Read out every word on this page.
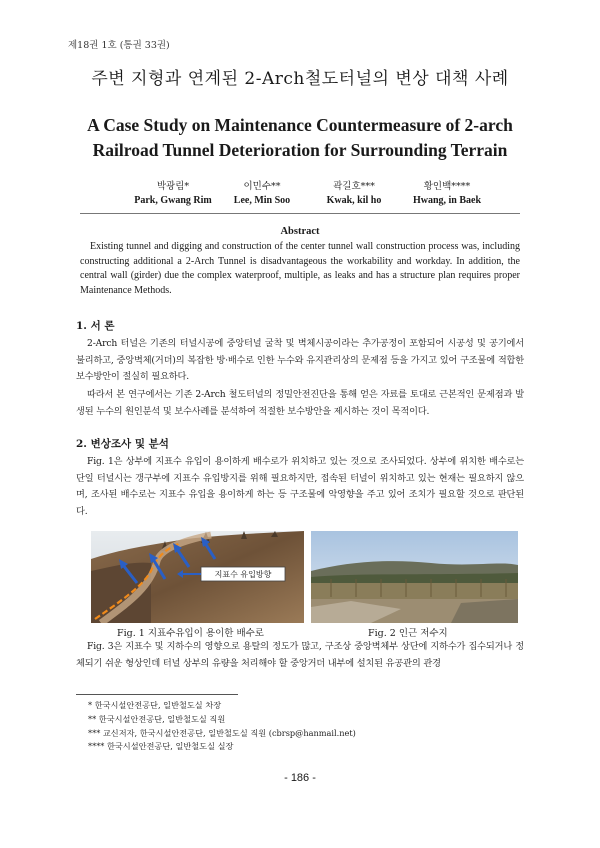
제18권 1호 (통권 33권)
주변 지형과 연계된 2-Arch철도터널의 변상 대책 사례
A Case Study on Maintenance Countermeasure of 2-arch
Railroad Tunnel Deterioration for Surrounding Terrain
박광림*
Park, Gwang Rim
이민수**
Lee, Min Soo
곽길호***
Kwak, kil ho
황인백****
Hwang, in Baek
Abstract
Existing tunnel and digging and construction of the center tunnel wall construction process was, including constructing additional a 2-Arch Tunnel is disadvantageous the workability and workday. In addition, the central wall (girder) due the complex waterproof, multiple, as leaks and has a structure plan requires proper Maintenance Methods.
1. 서 론
2-Arch 터널은 기존의 터널시공에 중앙터널 굴착 및 벽체시공이라는 추가공정이 포함되어 시공성 및 공기에서 불리하고, 중앙벽체(거더)의 복잡한 방·배수로 인한 누수와 유지관리상의 문제점 등을 가지고 있어 구조물에 적합한 보수방안이 절실히 필요하다.
따라서 본 연구에서는 기존 2-Arch 철도터널의 정밀안전진단을 통해 얻은 자료를 토대로 근본적인 문제점과 발생된 누수의 원인분석 및 보수사례를 분석하여 적절한 보수방안을 제시하는 것이 목적이다.
2. 변상조사 및 분석
Fig. 1은 상부에 지표수 유입이 용이하게 배수로가 위치하고 있는 것으로 조사되었다. 상부에 위치한 배수로는 단일 터널시는 갱구부에 지표수 유입방지를 위해 필요하지만, 접속된 터널이 위치하고 있는 현재는 필요하지 않으며, 조사된 배수로는 지표수 유입을 용이하게 하는 등 구조물에 악영향을 주고 있어 조치가 필요할 것으로 판단된다.
지표수 유입방향
Fig. 1 지표수유입이 용이한 배수로	Fig. 2 인근 저수지
Fig. 3은 지표수 및 지하수의 영향으로 용탈의 정도가 많고, 구조상 중앙벽체부 상단에 지하수가 집수되거나 정체되기 쉬운 형상인데 터널 상부의 유량을 처리해야 할 중앙거더 내부에 설치된 유공관의 관경
* 한국시설안전공단, 일반철도실 차장
** 한국시설안전공단, 일반철도실 직원
*** 교신저자, 한국시설안전공단, 일반철도실 직원 (cbrsp@hanmail.net)
**** 한국시설안전공단, 일반철도실 실장
- 186 -
